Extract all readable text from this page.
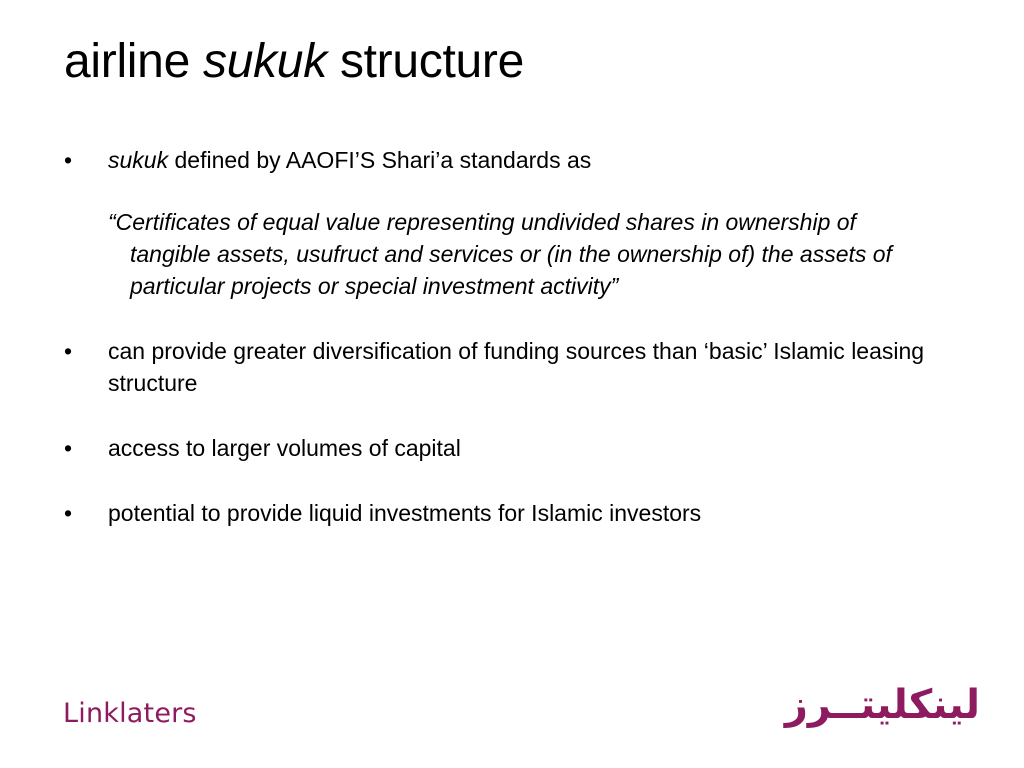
airline sukuk structure
•	sukuk defined by AAOFI’S Shari’a standards as

“Certificates of equal value representing undivided shares in ownership of tangible assets, usufruct and services or (in the ownership of) the assets of particular projects or special investment activity”

•	can provide greater diversification of funding sources than ‘basic’ Islamic leasing structure
•	access to larger volumes of capital
•	potential to provide liquid investments for Islamic investors
Linklaters	لينكليتــرز
